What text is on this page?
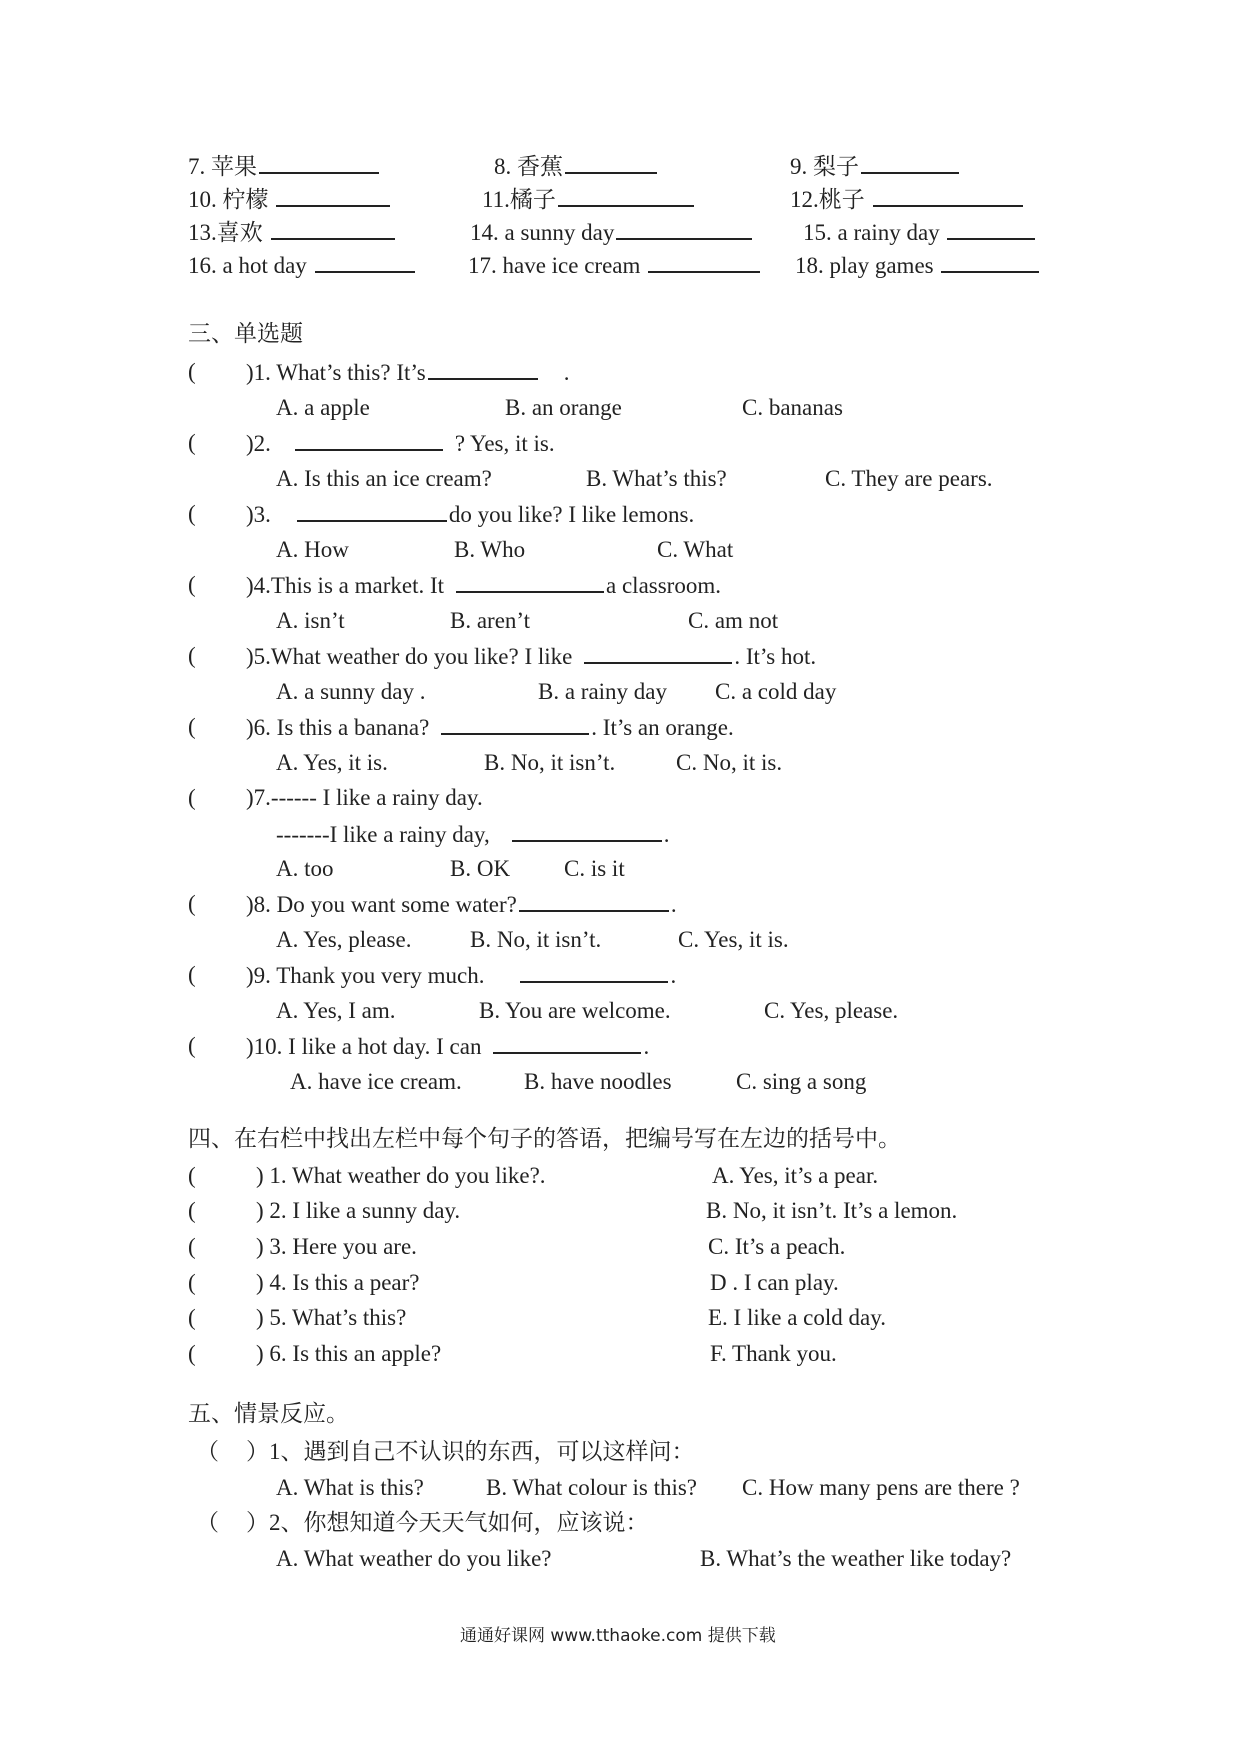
7. 苹果	8. 香蕉	9. 梨子
10. 柠檬	11.橘子	12.桃子
13.喜欢	14. a sunny day	15. a rainy day
16. a hot day	17. have ice cream	18. play games
三、单选题
( )1. What’s this? It’s	.
A. a apple	B. an orange	C. bananas
( )2.	? Yes, it is.
A. Is this an ice cream?	B. What’s this?	C. They are pears.
( )3.	do you like? I like lemons.
A. How	B. Who	C. What
( )4.This is a market. It	a classroom.
A. isn’t	B. aren’t	C. am not
( )5.What weather do you like? I like	. It’s hot.
A. a sunny day .	B. a rainy day C. a cold day
( )6. Is this a banana?	. It’s an orange.
A. Yes, it is.	B. No, it isn’t.	C. No, it is.
( )7.------ I like a rainy day.
-------I like a rainy day,	.
A. too	B. OK C. is it
( )8. Do you want some water?	.
A. Yes, please.	B. No, it isn’t.	C. Yes, it is.
( )9. Thank you very much.	.
A. Yes, I am.	B. You are welcome.	C. Yes, please.
( )10. I like a hot day. I can	.
A. have ice cream.	B. have noodles	C. sing a song
四、在右栏中找出左栏中每个句子的答语，把编号写在左边的括号中。
(	) 1. What weather do you like?.	A. Yes, it’s a pear.
(	) 2. I like a sunny day.	B. No, it isn’t. It’s a lemon.
(	) 3. Here you are.	C. It’s a peach.
(	) 4. Is this a pear?	D . I can play.
(	) 5. What’s this?	E. I like a cold day.
(	) 6. Is this an apple?	F. Thank you.
五、情景反应。
（ ）1、遇到自己不认识的东西，可以这样问：
A. What is this?	B. What colour is this? C. How many pens are there ?
（ ）2、你想知道今天天气如何，应该说：
A. What weather do you like?	B. What’s the weather like today?
通通好课网 www.tthaoke.com 提供下载
